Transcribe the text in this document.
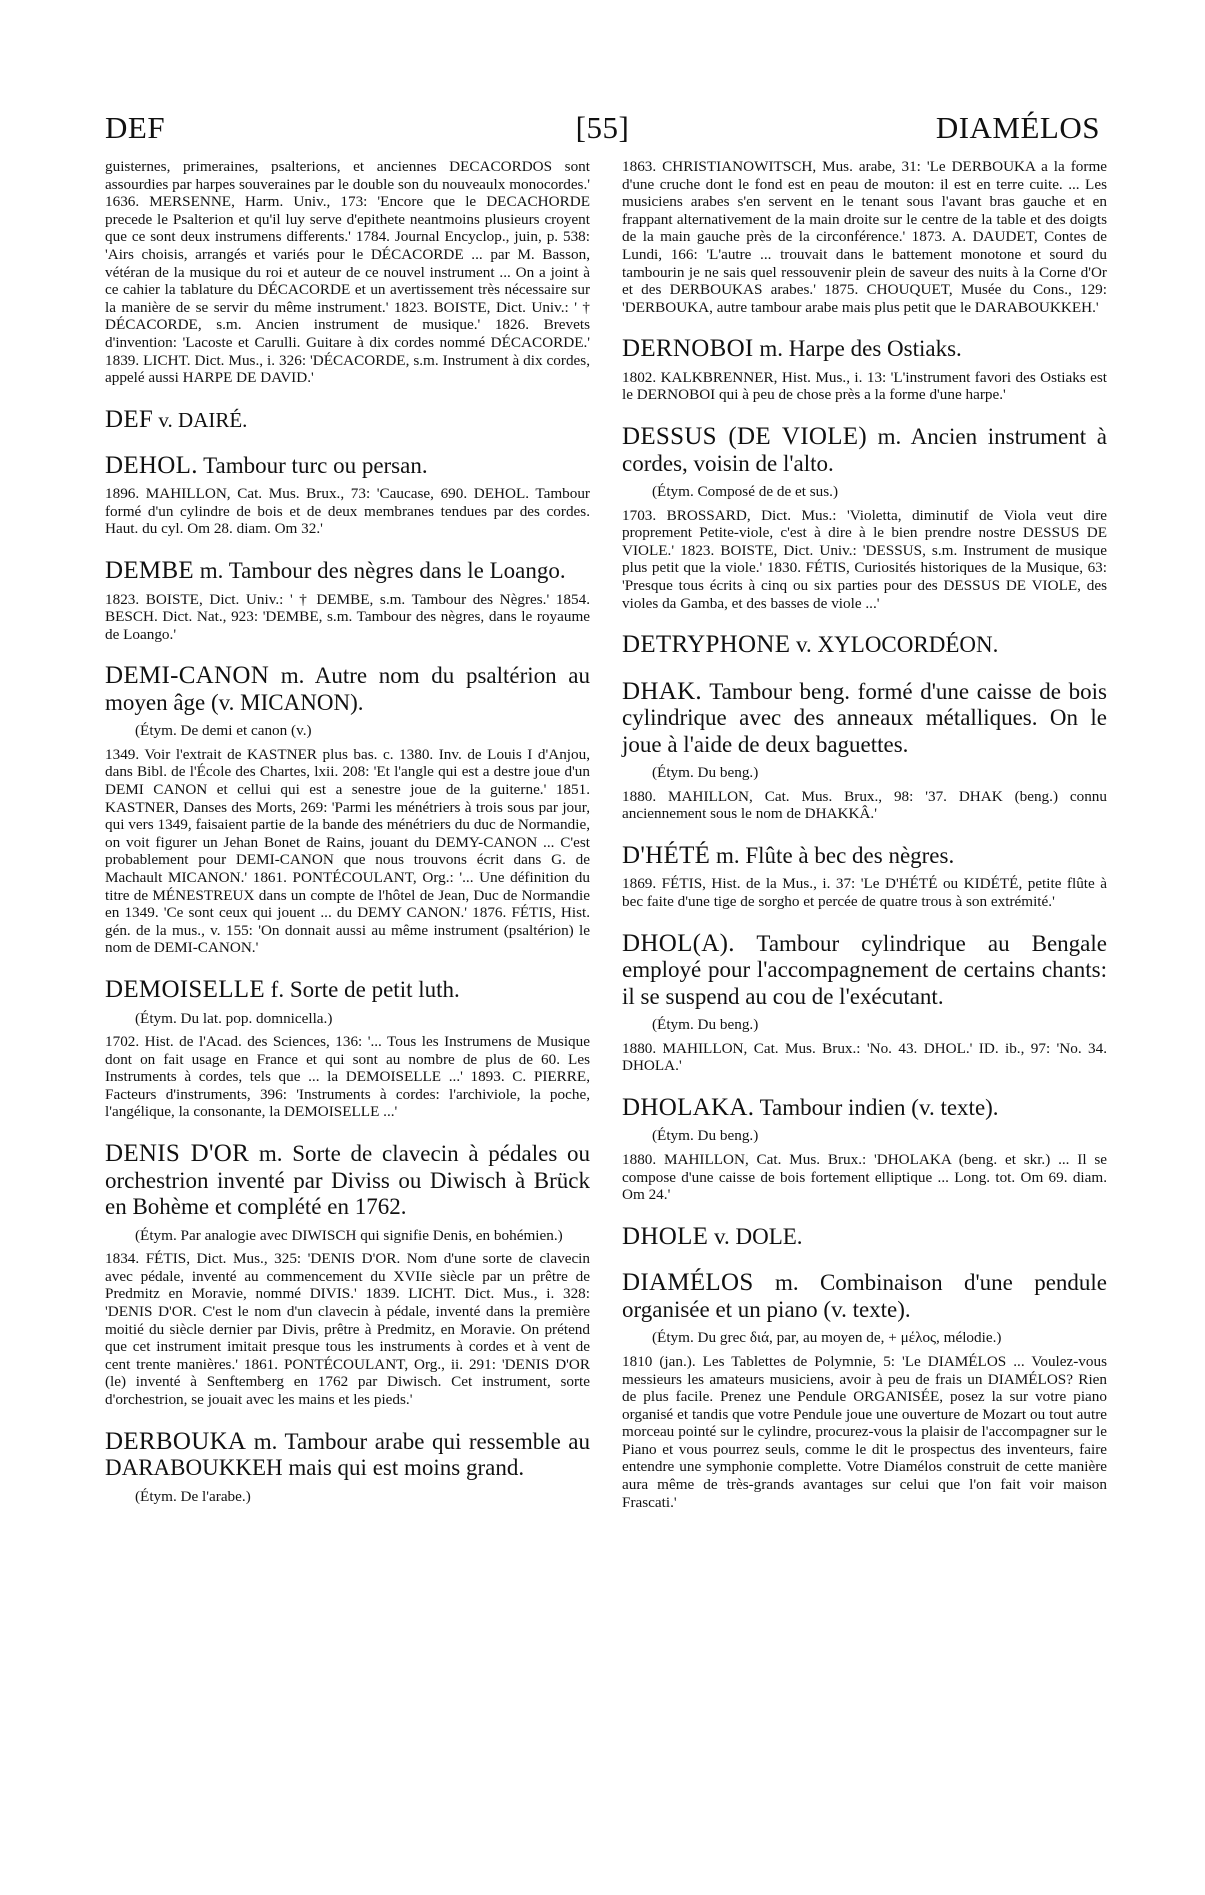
DEF	[55]	DIAMÉLOS

guisternes, primeraines, psalterions, et anciennes DECACORDOS sont assourdies par harpes souveraines par le double son du nouveaulx monocordes.' 1636. MERSENNE, Harm. Univ., 173: 'Encore que le DECACHORDE precede le Psalterion et qu'il luy serve d'epithete neantmoins plusieurs croyent que ce sont deux instrumens differents.' 1784. Journal Encyclop., juin, p. 538: 'Airs choisis, arrangés et variés pour le DÉCACORDE ... par M. Basson, vétéran de la musique du roi et auteur de ce nouvel instrument ... On a joint à ce cahier la tablature du DÉCACORDE et un avertissement très nécessaire sur la manière de se servir du même instrument.' 1823. BOISTE, Dict. Univ.: ' † DÉCACORDE, s.m. Ancien instrument de musique.' 1826. Brevets d'invention: 'Lacoste et Carulli. Guitare à dix cordes nommé DÉCACORDE.' 1839. LICHT. Dict. Mus., i. 326: 'DÉCACORDE, s.m. Instrument à dix cordes, appelé aussi HARPE DE DAVID.'

DEF v. DAIRÉ.
DEHOL. Tambour turc ou persan.

1896. MAHILLON, Cat. Mus. Brux., 73: 'Caucase, 690. DEHOL. Tambour formé d'un cylindre de bois et de deux membranes tendues par des cordes. Haut. du cyl. Om 28. diam. Om 32.'

DEMBE m. Tambour des nègres dans le Loango.

1823. BOISTE, Dict. Univ.: ' † DEMBE, s.m. Tambour des Nègres.' 1854. BESCH. Dict. Nat., 923: 'DEMBE, s.m. Tambour des nègres, dans le royaume de Loango.'

DEMI-CANON m. Autre nom du psaltérion au moyen âge (v. MICANON).

(Étym. De demi et canon (v.)

1349. Voir l'extrait de KASTNER plus bas. c. 1380. Inv. de Louis I d'Anjou, dans Bibl. de l'École des Chartes, lxii. 208: 'Et l'angle qui est a destre joue d'un DEMI CANON et cellui qui est a senestre joue de la guiterne.' 1851. KASTNER, Danses des Morts, 269: 'Parmi les ménétriers à trois sous par jour, qui vers 1349, faisaient partie de la bande des ménétriers du duc de Normandie, on voit figurer un Jehan Bonet de Rains, jouant du DEMY-CANON ... C'est probablement pour DEMI-CANON que nous trouvons écrit dans G. de Machault MICANON.' 1861. PONTÉCOULANT, Org.: '... Une définition du titre de MÉNESTREUX dans un compte de l'hôtel de Jean, Duc de Normandie en 1349. 'Ce sont ceux qui jouent ... du DEMY CANON.' 1876. FÉTIS, Hist. gén. de la mus., v. 155: 'On donnait aussi au même instrument (psaltérion) le nom de DEMI-CANON.'

DEMOISELLE f. Sorte de petit luth.

(Étym. Du lat. pop. domnicella.)

1702. Hist. de l'Acad. des Sciences, 136: '... Tous les Instrumens de Musique dont on fait usage en France et qui sont au nombre de plus de 60. Les Instruments à cordes, tels que ... la DEMOISELLE ...' 1893. C. PIERRE, Facteurs d'instruments, 396: 'Instruments à cordes: l'archiviole, la poche, l'angélique, la consonante, la DEMOISELLE ...'

DENIS D'OR m. Sorte de clavecin à pédales ou orchestrion inventé par Diviss ou Diwisch à Brück en Bohème et complété en 1762.

(Étym. Par analogie avec DIWISCH qui signifie Denis, en bohémien.)

1834. FÉTIS, Dict. Mus., 325: 'DENIS D'OR. Nom d'une sorte de clavecin avec pédale, inventé au commencement du XVIIe siècle par un prêtre de Predmitz en Moravie, nommé DIVIS.' 1839. LICHT. Dict. Mus., i. 328: 'DENIS D'OR. C'est le nom d'un clavecin à pédale, inventé dans la première moitié du siècle dernier par Divis, prêtre à Predmitz, en Moravie. On prétend que cet instrument imitait presque tous les instruments à cordes et à vent de cent trente manières.' 1861. PONTÉCOULANT, Org., ii. 291: 'DENIS D'OR (le) inventé à Senftemberg en 1762 par Diwisch. Cet instrument, sorte d'orchestrion, se jouait avec les mains et les pieds.'

DERBOUKA m. Tambour arabe qui ressemble au DARABOUKKEH mais qui est moins grand.

(Étym. De l'arabe.)

1863. CHRISTIANOWITSCH, Mus. arabe, 31: 'Le DERBOUKA a la forme d'une cruche dont le fond est en peau de mouton: il est en terre cuite. ... Les musiciens arabes s'en servent en le tenant sous l'avant bras gauche et en frappant alternativement de la main droite sur le centre de la table et des doigts de la main gauche près de la circonférence.' 1873. A. DAUDET, Contes de Lundi, 166: 'L'autre ... trouvait dans le battement monotone et sourd du tambourin je ne sais quel ressouvenir plein de saveur des nuits à la Corne d'Or et des DERBOUKAS arabes.' 1875. CHOUQUET, Musée du Cons., 129: 'DERBOUKA, autre tambour arabe mais plus petit que le DARABOUKKEH.'

DERNOBOI m. Harpe des Ostiaks.

1802. KALKBRENNER, Hist. Mus., i. 13: 'L'instrument favori des Ostiaks est le DERNOBOI qui à peu de chose près a la forme d'une harpe.'

DESSUS (DE VIOLE) m. Ancien instrument à cordes, voisin de l'alto.

(Étym. Composé de de et sus.)

1703. BROSSARD, Dict. Mus.: 'Violetta, diminutif de Viola veut dire proprement Petite-viole, c'est à dire à le bien prendre nostre DESSUS DE VIOLE.' 1823. BOISTE, Dict. Univ.: 'DESSUS, s.m. Instrument de musique plus petit que la viole.' 1830. FÉTIS, Curiosités historiques de la Musique, 63: 'Presque tous écrits à cinq ou six parties pour des DESSUS DE VIOLE, des violes da Gamba, et des basses de viole ...'

DETRYPHONE v. XYLOCORDÉON.
DHAK. Tambour beng. formé d'une caisse de bois cylindrique avec des anneaux métalliques. On le joue à l'aide de deux baguettes.

(Étym. Du beng.)

1880. MAHILLON, Cat. Mus. Brux., 98: '37. DHAK (beng.) connu anciennement sous le nom de DHAKKÂ.'

D'HÉTÉ m. Flûte à bec des nègres.

1869. FÉTIS, Hist. de la Mus., i. 37: 'Le D'HÉTÉ ou KIDÉTÉ, petite flûte à bec faite d'une tige de sorgho et percée de quatre trous à son extrémité.'

DHOL(A). Tambour cylindrique au Bengale employé pour l'accompagnement de certains chants: il se suspend au cou de l'exécutant.

(Étym. Du beng.)

1880. MAHILLON, Cat. Mus. Brux.: 'No. 43. DHOL.' ID. ib., 97: 'No. 34. DHOLA.'

DHOLAKA. Tambour indien (v. texte).

(Étym. Du beng.)

1880. MAHILLON, Cat. Mus. Brux.: 'DHOLAKA (beng. et skr.) ... Il se compose d'une caisse de bois fortement elliptique ... Long. tot. Om 69. diam. Om 24.'

DHOLE v. DOLE.
DIAMÉLOS m. Combinaison d'une pendule organisée et un piano (v. texte).

(Étym. Du grec διά, par, au moyen de, + μέλος, mélodie.)

1810 (jan.). Les Tablettes de Polymnie, 5: 'Le DIAMÉLOS ... Voulez-vous messieurs les amateurs musiciens, avoir à peu de frais un DIAMÉLOS? Rien de plus facile. Prenez une Pendule ORGANISÉE, posez la sur votre piano organisé et tandis que votre Pendule joue une ouverture de Mozart ou tout autre morceau pointé sur le cylindre, procurez-vous la plaisir de l'accompagner sur le Piano et vous pourrez seuls, comme le dit le prospectus des inventeurs, faire entendre une symphonie complette. Votre Diamélos construit de cette manière aura même de très-grands avantages sur celui que l'on fait voir maison Frascati.'
